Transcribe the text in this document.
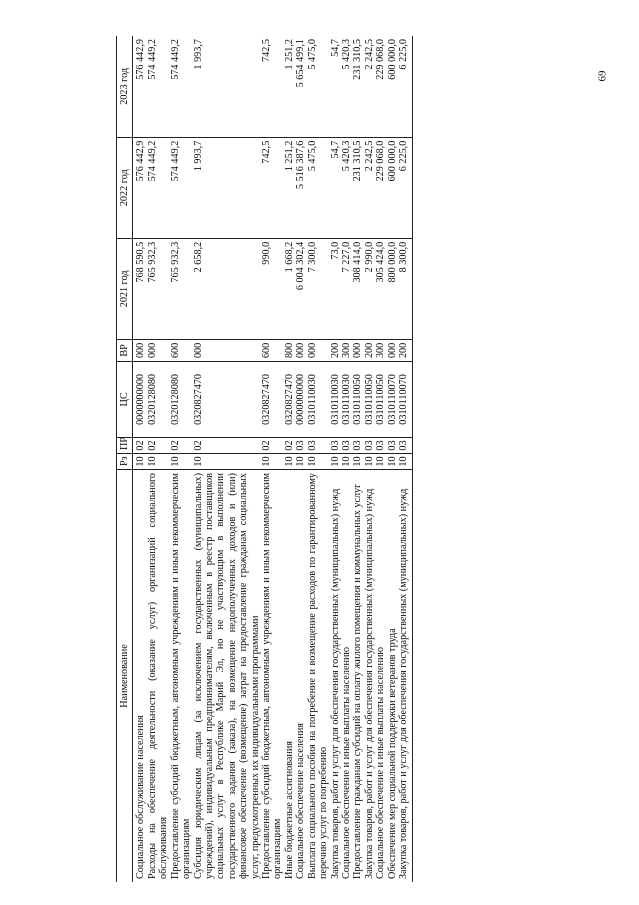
69
Наименование	Рз	ПР	ЦС	ВР	2021 год	2022 год	2023 год
Социальное обслуживание населения	10	02	0000000000	000	768 590,5	576 442,9	576 442,9
Расходы на обеспечение деятельности (оказание услуг) организаций социального обслуживания	10	02	0320128080	000	765 932,3	574 449,2	574 449,2
Предоставление субсидий бюджетным, автономным учреждениям и иным некоммерческим организациям	10	02	0320128080	600	765 932,3	574 449,2	574 449,2
Субсидия юридическим лицам (за исключением государственных (муниципальных) учреждений), индивидуальным предпринимателям, включенным в реестр поставщиков социальных услуг в Республике Марий Эл, но не участвующим в выполнении государственного задания (заказа), на возмещение недополученных доходов и (или) финансовое обеспечение (возмещение) затрат на предоставление гражданам социальных услуг, предусмотренных их индивидуальными программами	10	02	0320827470	000	2 658,2	1 993,7	1 993,7
Предоставление субсидий бюджетным, автономным учреждениям и иным некоммерческим организациям	10	02	0320827470	600	990,0	742,5	742,5
Иные бюджетные ассигнования	10	02	0320827470	800	1 668,2	1 251,2	1 251,2
Социальное обеспечение населения	10	03	0000000000	000	6 004 302,4	5 516 387,6	5 654 499,1
Выплата социального пособия на погребение и возмещение расходов по гарантированному перечню услуг по погребению	10	03	0310110030	000	7 300,0	5 475,0	5 475,0
Закупка товаров, работ и услуг для обеспечения государственных (муниципальных) нужд	10	03	0310110030	200	73,0	54,7	54,7
Социальное обеспечение и иные выплаты населению	10	03	0310110030	300	7 227,0	5 420,3	5 420,3
Предоставление гражданам субсидий на оплату жилого помещения и коммунальных услуг	10	03	0310110050	000	308 414,0	231 310,5	231 310,5
Закупка товаров, работ и услуг для обеспечения государственных (муниципальных) нужд	10	03	0310110050	200	2 990,0	2 242,5	2 242,5
Социальное обеспечение и иные выплаты населению	10	03	0310110050	300	305 424,0	229 068,0	229 068,0
Обеспечение мер социальной поддержки ветеранов труда	10	03	0310110070	000	800 000,0	600 000,0	600 000,0
Закупка товаров, работ и услуг для обеспечения государственных (муниципальных) нужд	10	03	0310110070	200	8 300,0	6 225,0	6 225,0
